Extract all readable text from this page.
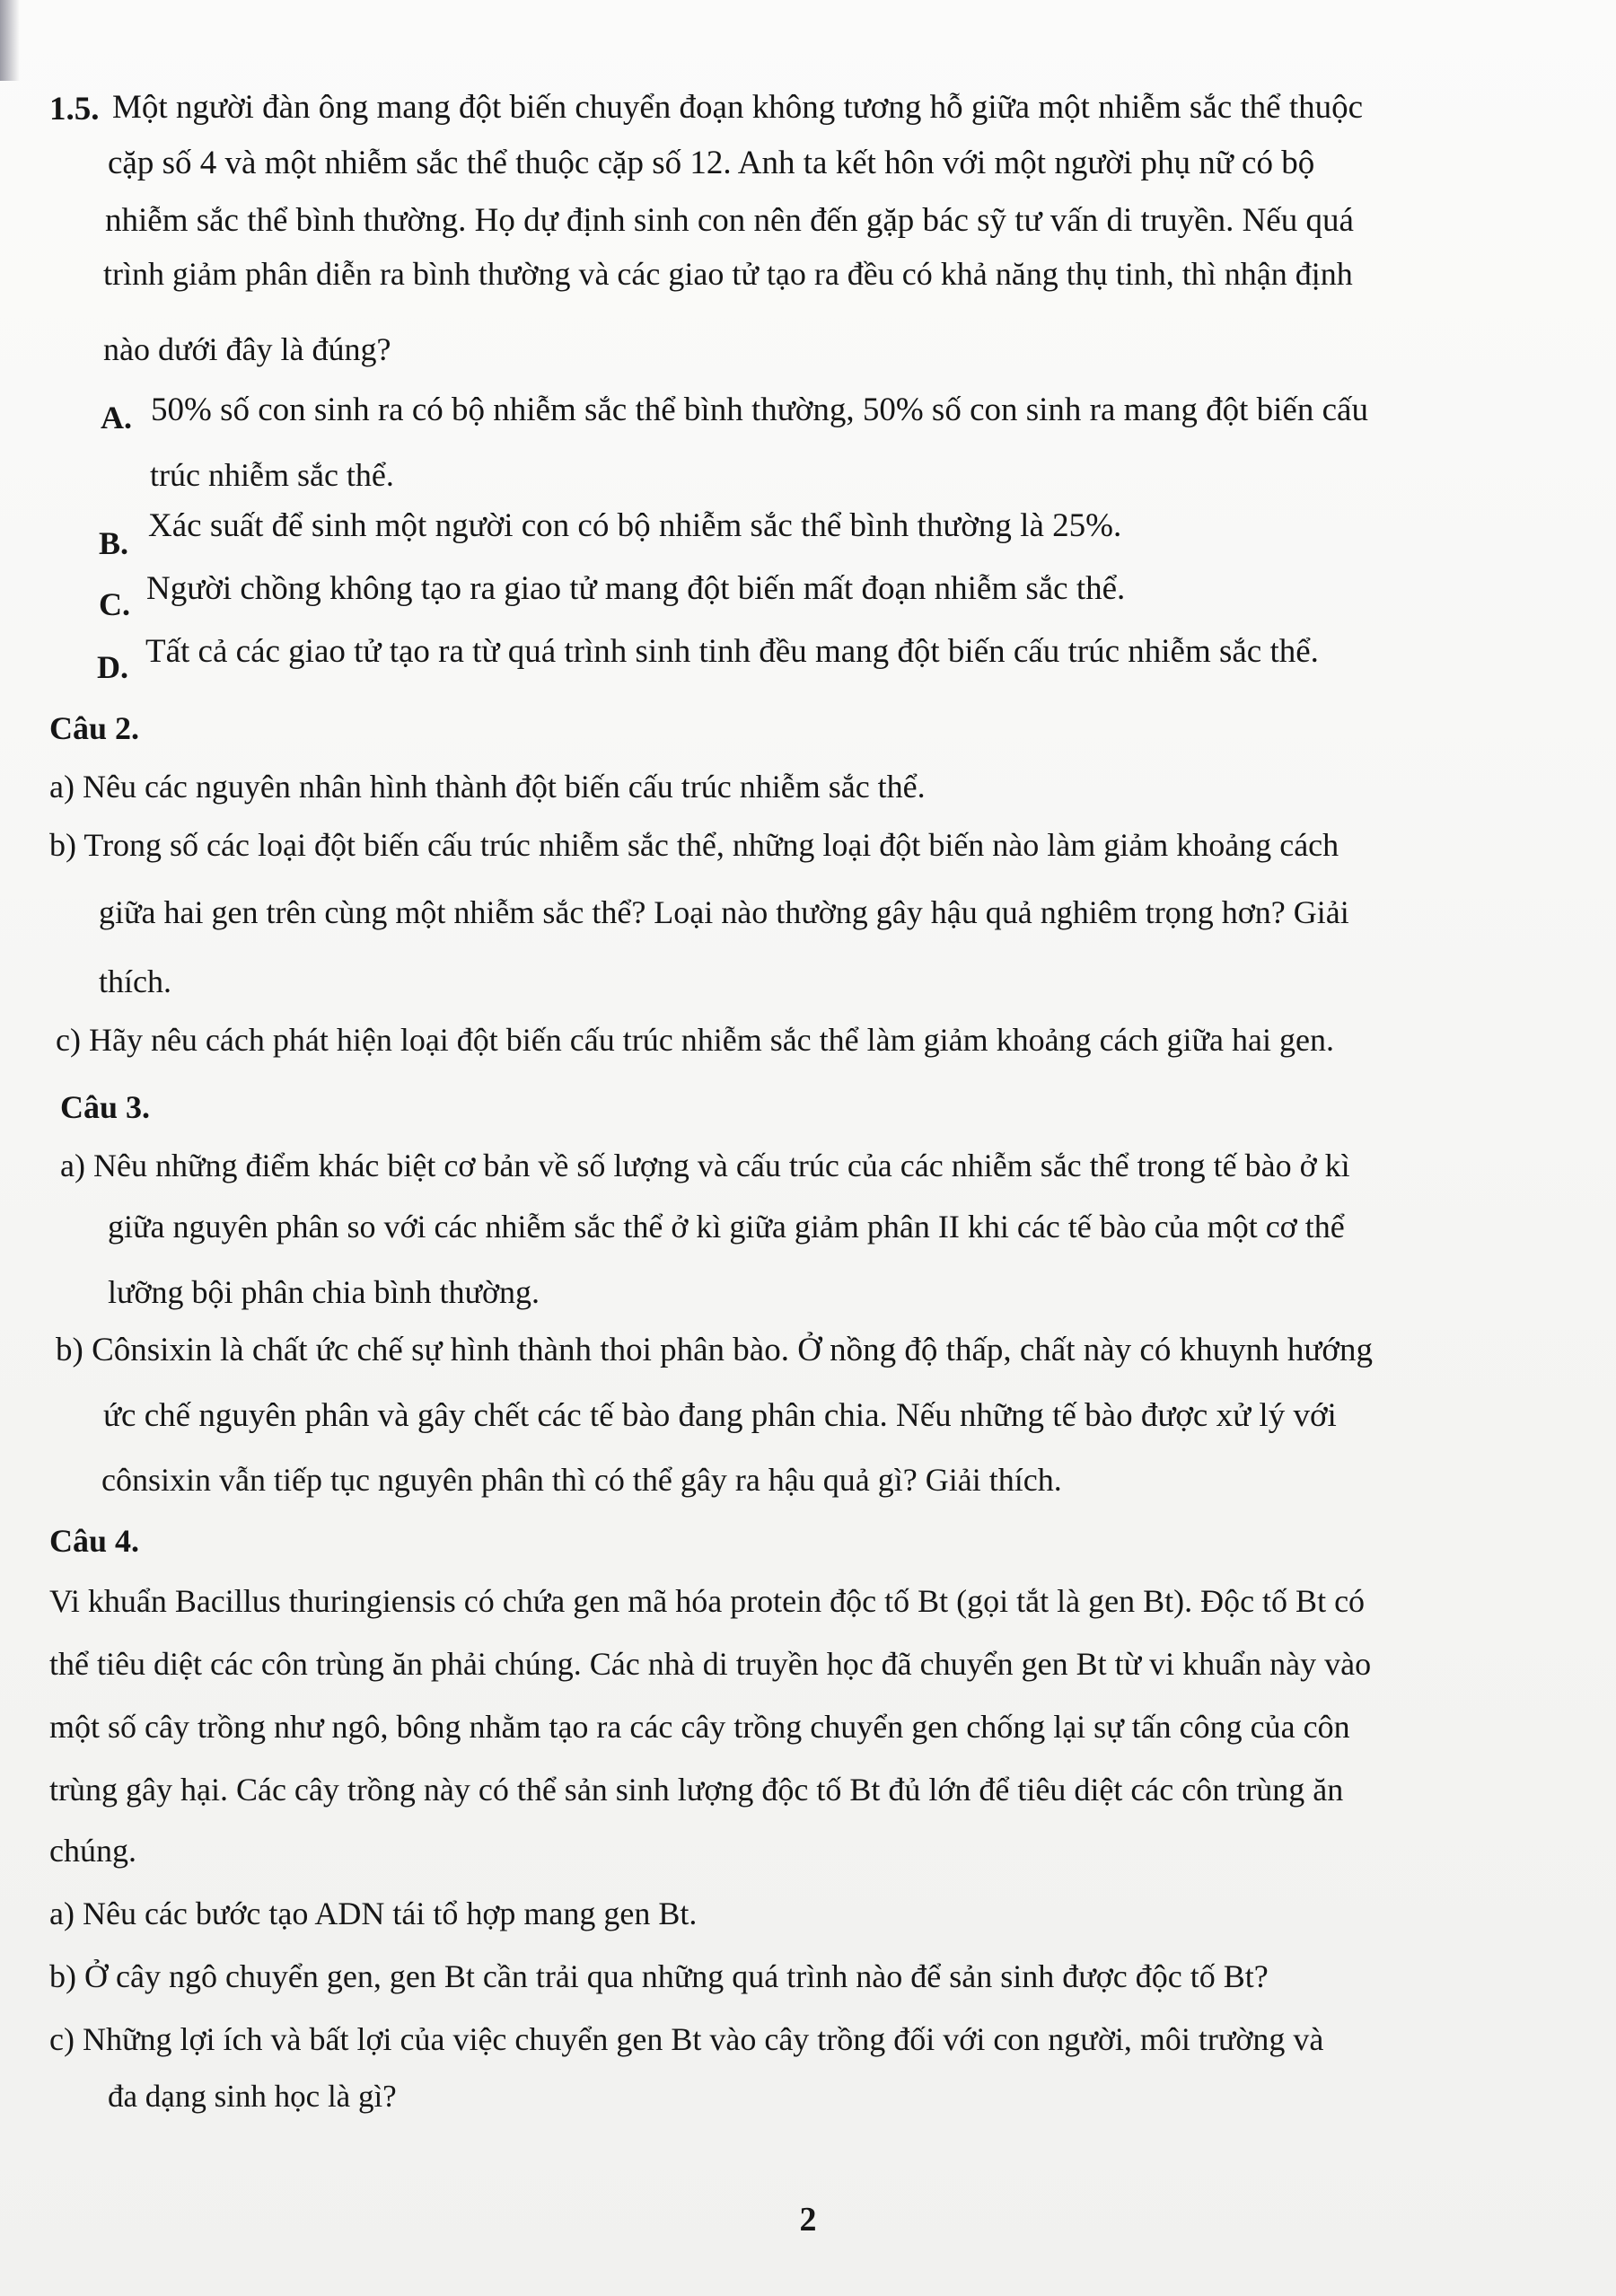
1.5. Một người đàn ông mang đột biến chuyển đoạn không tương hỗ giữa một nhiễm sắc thể thuộc
cặp số 4 và một nhiễm sắc thể thuộc cặp số 12. Anh ta kết hôn với một người phụ nữ có bộ
nhiễm sắc thể bình thường. Họ dự định sinh con nên đến gặp bác sỹ tư vấn di truyền. Nếu quá
trình giảm phân diễn ra bình thường và các giao tử tạo ra đều có khả năng thụ tinh, thì nhận định
nào dưới đây là đúng?
A. 50% số con sinh ra có bộ nhiễm sắc thể bình thường, 50% số con sinh ra mang đột biến cấu
trúc nhiễm sắc thể.
B. Xác suất để sinh một người con có bộ nhiễm sắc thể bình thường là 25%.
C. Người chồng không tạo ra giao tử mang đột biến mất đoạn nhiễm sắc thể.
D. Tất cả các giao tử tạo ra từ quá trình sinh tinh đều mang đột biến cấu trúc nhiễm sắc thể.
Câu 2.
a) Nêu các nguyên nhân hình thành đột biến cấu trúc nhiễm sắc thể.
b) Trong số các loại đột biến cấu trúc nhiễm sắc thể, những loại đột biến nào làm giảm khoảng cách
giữa hai gen trên cùng một nhiễm sắc thể? Loại nào thường gây hậu quả nghiêm trọng hơn? Giải
thích.
c) Hãy nêu cách phát hiện loại đột biến cấu trúc nhiễm sắc thể làm giảm khoảng cách giữa hai gen.
Câu 3.
a) Nêu những điểm khác biệt cơ bản về số lượng và cấu trúc của các nhiễm sắc thể trong tế bào ở kì
giữa nguyên phân so với các nhiễm sắc thể ở kì giữa giảm phân II khi các tế bào của một cơ thể
lưỡng bội phân chia bình thường.
b) Cônsixin là chất ức chế sự hình thành thoi phân bào. Ở nồng độ thấp, chất này có khuynh hướng
ức chế nguyên phân và gây chết các tế bào đang phân chia. Nếu những tế bào được xử lý với
cônsixin vẫn tiếp tục nguyên phân thì có thể gây ra hậu quả gì? Giải thích.
Câu 4.
Vi khuẩn Bacillus thuringiensis có chứa gen mã hóa protein độc tố Bt (gọi tắt là gen Bt). Độc tố Bt có
thể tiêu diệt các côn trùng ăn phải chúng. Các nhà di truyền học đã chuyển gen Bt từ vi khuẩn này vào
một số cây trồng như ngô, bông nhằm tạo ra các cây trồng chuyển gen chống lại sự tấn công của côn
trùng gây hại. Các cây trồng này có thể sản sinh lượng độc tố Bt đủ lớn để tiêu diệt các côn trùng ăn
chúng.
a) Nêu các bước tạo ADN tái tổ hợp mang gen Bt.
b) Ở cây ngô chuyển gen, gen Bt cần trải qua những quá trình nào để sản sinh được độc tố Bt?
c) Những lợi ích và bất lợi của việc chuyển gen Bt vào cây trồng đối với con người, môi trường và
đa dạng sinh học là gì?
2
